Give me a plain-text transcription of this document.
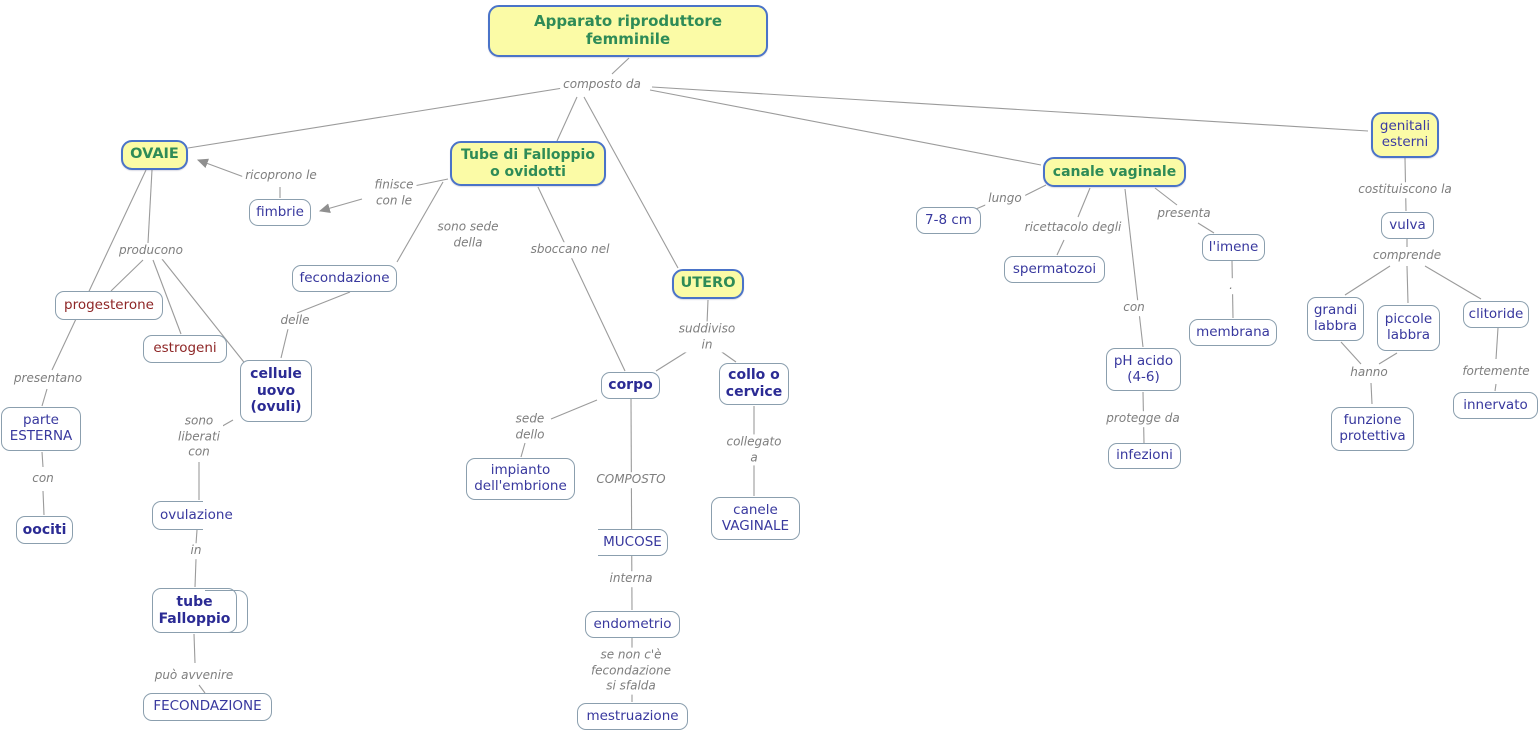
Apparato riproduttore femminile
OVAIE	Tube di Falloppio
o ovidotti
UTERO
canale vaginale
genitali
esterni
fimbrie
fecondazione
progesterone
estrogeni
cellule
uovo
(ovuli)
parte
ESTERNA
oociti
ovulazione
tube
Falloppio
FECONDAZIONE
corpo
collo o
cervice
impianto
dell'embrione
MUCOSE
endometrio
mestruazione
canele
VAGINALE
7-8 cm
spermatozoi
l'imene
membrana
pH acido
(4-6)
infezioni
vulva
grandi
labbra	piccole
labbra
clitoride
funzione
protettiva
innervato
composto da
ricoprono le
finisce
con le
sono sede
della
sboccano nel
producono
delle
presentano
con
sono
liberati
con
in
può avvenire
suddiviso
in
sede
dello
COMPOSTO
interna
se non c'è
fecondazione
si sfalda
collegato
a
lungo
ricettacolo degli
presenta
.
con
protegge da
costituiscono la
comprende
hanno	fortemente
